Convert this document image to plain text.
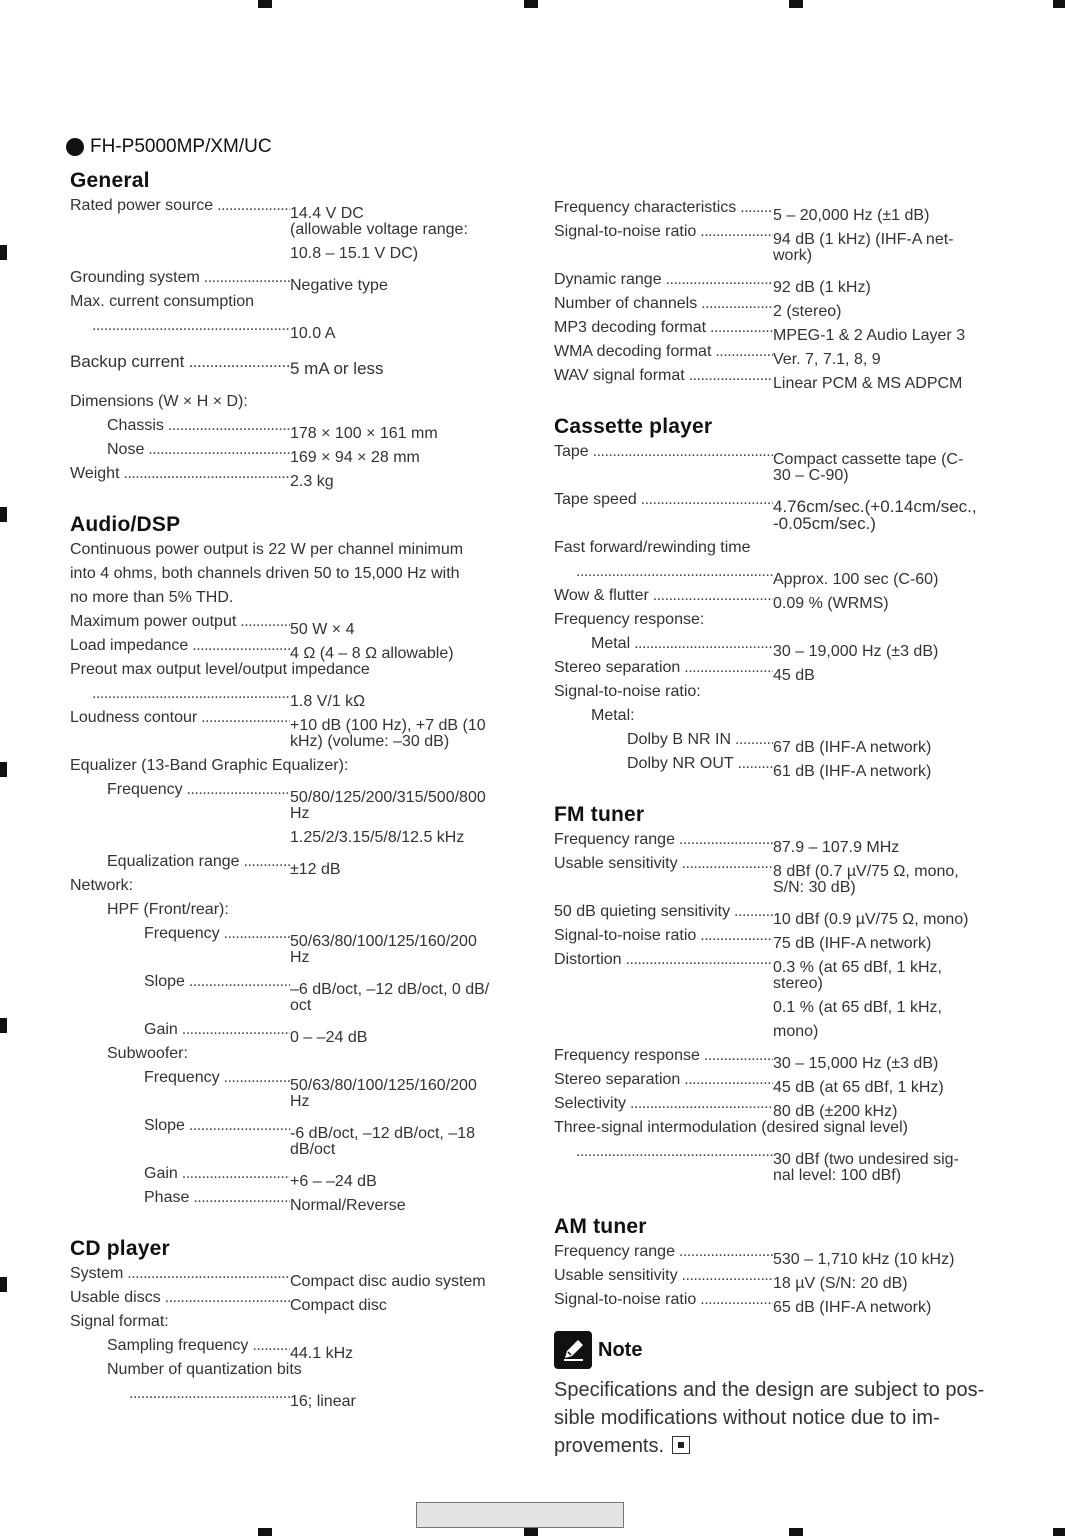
FH-P5000MP/XM/UC
General
Rated power source .....	14.4 V DC
(allowable voltage range:
10.8 – 15.1 V DC)
Grounding system .....	Negative type
Max. current consumption
.....10.0 A
Backup current .....	5 mA or less
Dimensions (W × H × D):
Chassis .....	178 × 100 × 161 mm
Nose .....	169 × 94 × 28 mm
Weight .....	2.3 kg
Audio/DSP
Continuous power output is 22 W per channel minimum
into 4 ohms, both channels driven 50 to 15,000 Hz with
no more than 5% THD.
Maximum power output .....	50 W × 4
Load impedance .....	4 Ω (4 – 8 Ω allowable)
Preout max output level/output impedance
.....1.8 V/1 kΩ
Loudness contour .....	+10 dB (100 Hz), +7 dB (10
kHz) (volume: –30 dB)
Equalizer (13-Band Graphic Equalizer):
Frequency .....	50/80/125/200/315/500/800
Hz
1.25/2/3.15/5/8/12.5 kHz
Equalization range .....	±12 dB
Network:
HPF (Front/rear):
Frequency .....	50/63/80/100/125/160/200
Hz
Slope .....	–6 dB/oct, –12 dB/oct, 0 dB/
oct
Gain .....	0 – –24 dB
Subwoofer:
Frequency .....	50/63/80/100/125/160/200
Hz
Slope .....	-6 dB/oct, –12 dB/oct, –18
dB/oct
Gain .....	+6 – –24 dB
Phase .....	Normal/Reverse
CD player
System .....	Compact disc audio system
Usable discs .....	Compact disc
Signal format:
Sampling frequency .....	44.1 kHz
Number of quantization bits
.....16; linear
Frequency characteristics ..... 5 – 20,000 Hz (±1 dB)
Signal-to-noise ratio .....	94 dB (1 kHz) (IHF-A net-
work)
Dynamic range .....	92 dB (1 kHz)
Number of channels .....	2 (stereo)
MP3 decoding format .....	MPEG-1 & 2 Audio Layer 3
WMA decoding format .....	Ver. 7, 7.1, 8, 9
WAV signal format .....	Linear PCM & MS ADPCM
Cassette player
Tape .....	Compact cassette tape (C-
30 – C-90)
Tape speed .....	4.76cm/sec.(+0.14cm/sec.,
-0.05cm/sec.)
Fast forward/rewinding time
.....Approx. 100 sec (C-60)
Wow & flutter .....	0.09 % (WRMS)
Frequency response:
Metal .....	30 – 19,000 Hz (±3 dB)
Stereo separation .....	45 dB
Signal-to-noise ratio:
Metal:
Dolby B NR IN .....	67 dB (IHF-A network)
Dolby NR OUT ..... 61 dB (IHF-A network)
FM tuner
Frequency range .....	87.9 – 107.9 MHz
Usable sensitivity .....	8 dBf (0.7 µV/75 Ω, mono,
S/N: 30 dB)
50 dB quieting sensitivity .....	10 dBf (0.9 µV/75 Ω, mono)
Signal-to-noise ratio .....	75 dB (IHF-A network)
Distortion .....	0.3 % (at 65 dBf, 1 kHz,
stereo)
0.1 % (at 65 dBf, 1 kHz,
mono)
Frequency response .....	30 – 15,000 Hz (±3 dB)
Stereo separation .....	45 dB (at 65 dBf, 1 kHz)
Selectivity .....	80 dB (±200 kHz)
Three-signal intermodulation (desired signal level)
.....30 dBf (two undesired sig-
nal level: 100 dBf)
AM tuner
Frequency range .....	530 – 1,710 kHz (10 kHz)
Usable sensitivity .....	18 µV (S/N: 20 dB)
Signal-to-noise ratio .....	65 dB (IHF-A network)
Note
Specifications and the design are subject to pos-
sible modifications without notice due to im-
provements.
